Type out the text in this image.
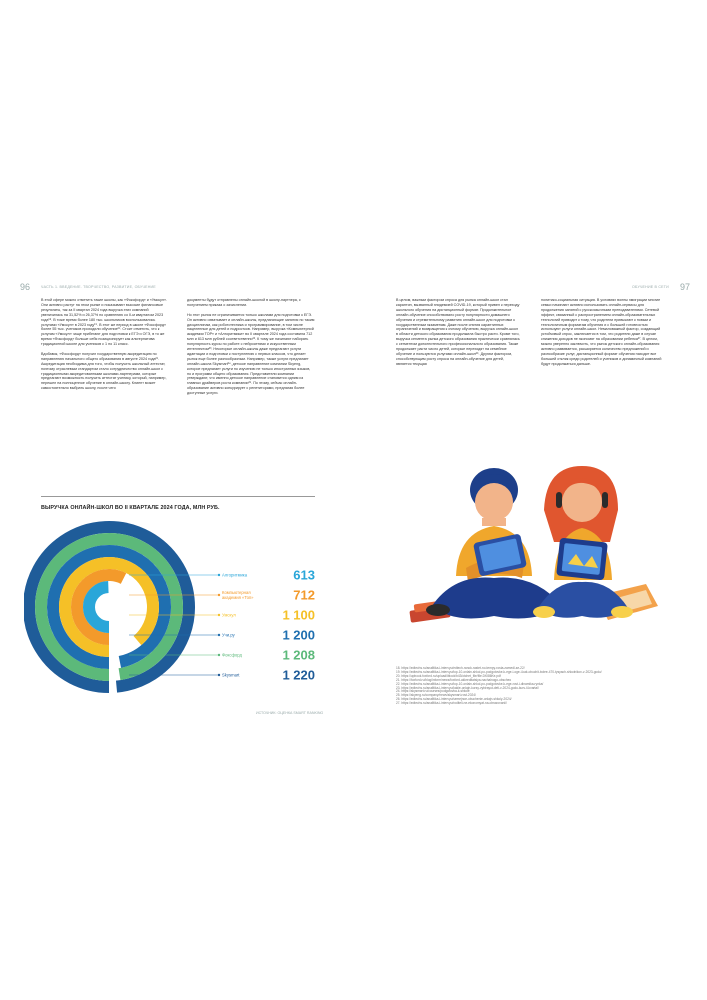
96	ЧАСТЬ 1. ВВЕДЕНИЕ. ТВОРЧЕСТВО, РАЗВИТИЕ, ОБУЧЕНИЕ

В этой сфере можно отметить такие школы, как «Фоксфорд» и «Умскул». Они активно растут на этом рынке и показывают высокие финансовые результаты, так за II квартал 2024 года выручка этих компаний увеличилась на 31,52% и 26,37% по сравнению со II-м кварталом 2023 года¹⁸. В тоже время более 180 тыс. школьников воспользовались услугами «Умскул» в 2023 году¹⁹. В этот же период в школе «Фоксфорд» более 55 тыс. учеников проходили обучение²⁰. Стоит отметить, что к услугам «Умскул» чаще прибегают для подготовки к ЕГЭ и ОГЭ, в то же время «Фоксфорд» больше себя позиционирует как альтернатива традиционной школе для учеников с 1 по 11 класс.

Вдобавок, «Фоксфорд» получил государственную аккредитацию по направлению начального общего образования в августе 2024 года²¹. Аккредитация необходима для того, чтобы получить школьный аттестат, поэтому отраслевым стандартом стало сотрудничество онлайн-школ с традиционными аккредитованными школами-партнерами, которые предлагают возможность получить аттестат ученику, который, например, перешел на полноценное обучение в онлайн-школу. Клиент может самостоятельно выбрать школу, после чего

документы будут отправлены онлайн-школой в школу-партнера, с получением приказа о зачислении.

Но этот рынок не ограничивается только школами для подготовки к ЕГЭ. Он активно охватывает и онлайн-школы, предлагающие занятия по таким дисциплинам, как робототехника и программирование, в том числе нацеленные для детей и подростков. Например, выручка «Компьютерной академии ТОР» и «Алгоритмики» во II квартале 2024 года составила 712 млн и 613 млн рублей соответственно²². К тому же начинают набирать популярность курсы по работе с нейросетями и искусственным интеллектом²³. Некоторые онлайн-школы даже предлагают услуги адаптации и подготовки к поступлению с первых классов, что делает рынок еще более разнообразным. Например, также услуги предлагает онлайн-школа Skysmart²⁴, детское направление компании Skyeng, которое предлагает услуги по изучению не только иностранных языков, но и программ общего образования. Представители компании утверждают, что именно детское направление становится одним из главных драйверов роста компании²⁵. По этому, сейчас онлайн-образование активно конкурирует с репетиторами, предлагая более доступные услуги.

ВЫРУЧКА ОНЛАЙН-ШКОЛ ВО II КВАРТАЛЕ 2024 ГОДА, МЛН РУБ.
Алгоритмика	613
Компьютерная
академия «Топ»	712
Умскул	1 100
Учи.ру	1 200
Фоксфорд	1 208
Skysmart	1 220
ИСТОЧНИК: ОЦЕНКА SMART RANKING
ОБУЧЕНИЕ В СЕТИ 97

В целом, важным фактором спроса для рынка онлайн-школ стал карантин, вызванный эпидемией COVID-19, который привел к переходу школьного обучения на дистанционный формат. Продолжительное онлайн-обучение способствовало росту популярности домашнего обучения и стремительному развитию онлайн-школ для подготовки к государственным экзаменам. Даже после снятия карантинных ограничений и возвращения к очному обучению, выручка онлайн-школ в области детского образования продолжила быстро расти. Кроме того, выручка сегмента рынка детского образования практически сравнялась с сегментом дополнительного профессионального образования. Также продолжает расти число детей, которые переходят на семейное обучение и пользуются услугами онлайн-школ²⁶. Другим фактором, способствующим росту спроса на онлайн-обучение для детей, является текущая

политико-социальная ситуация. В условиях волны эмиграции многие семьи начинают активно использовать онлайн-сервисы для продолжения занятий с русскоязычными преподавателями. Сетевой эффект, связанный с распространением онлайн-образовательных технологий приводит к тому, что родители привыкают к новым и технологичным форматам обучения и с большей готовностью используют услуги онлайн-школ. Немаловажный фактор, создающий устойчивый спрос, заключается в том, что родители даже в случае снижения доходов не экономят на образовании ребенка²⁷. В целом, можно уверенно заключить, что рынок детского онлайн-образования активно развивается, расширяется количество предложений и разнообразие услуг, дистанционный формат обучения находит все большей отклик среди родителей и учеников и динамичный компаний будут продолжаться дальше.

18. https://edtechs.ru/analitika-i-intervyu/edtech-ranok-rastet-no-tempy-rosta-zamedl-se-22/
19. https://edtechs.ru/analitika-i-intervyu/top-10-onlain-shkol-po-podgotovke-k-ege-i-oge-i-kak-obuchit-bolee-470-tysyach-shkolnikov-v-2023-godu/
20. https://upbook.foxford.ru/upload/iblock/b43/otchet_file/file.DKI86Ke.pdf
21. https://foxford.ru/blog/inform/news/foxford-akkreditatsiya-nachalnogo-obscheo
22. https://edtechs.ru/analitika-i-intervyu/top-10-onlain-shkol-po-podgotovke-k-ege-rost-i-dinamika-rynka/
23. https://edtechs.ru/analitika-i-intervyu/kakie-onlajn-kursy-vybirayut-deti-v-2024-godu-kurs-ii-kvartal/
24. https://skysmart.ru/courses/podgotovka-k-shkole
25. https://skyeng.ru/company/news/skysmart-rost-2024/
26. https://edtechs.ru/analitika-i-intervyu/semejnoe-obuchenie-onlajn-shkoly-2024/
27. https://edtechs.ru/analitika-i-intervyu/roditeli-ne-ekonomyat-na-obrazovanii/
